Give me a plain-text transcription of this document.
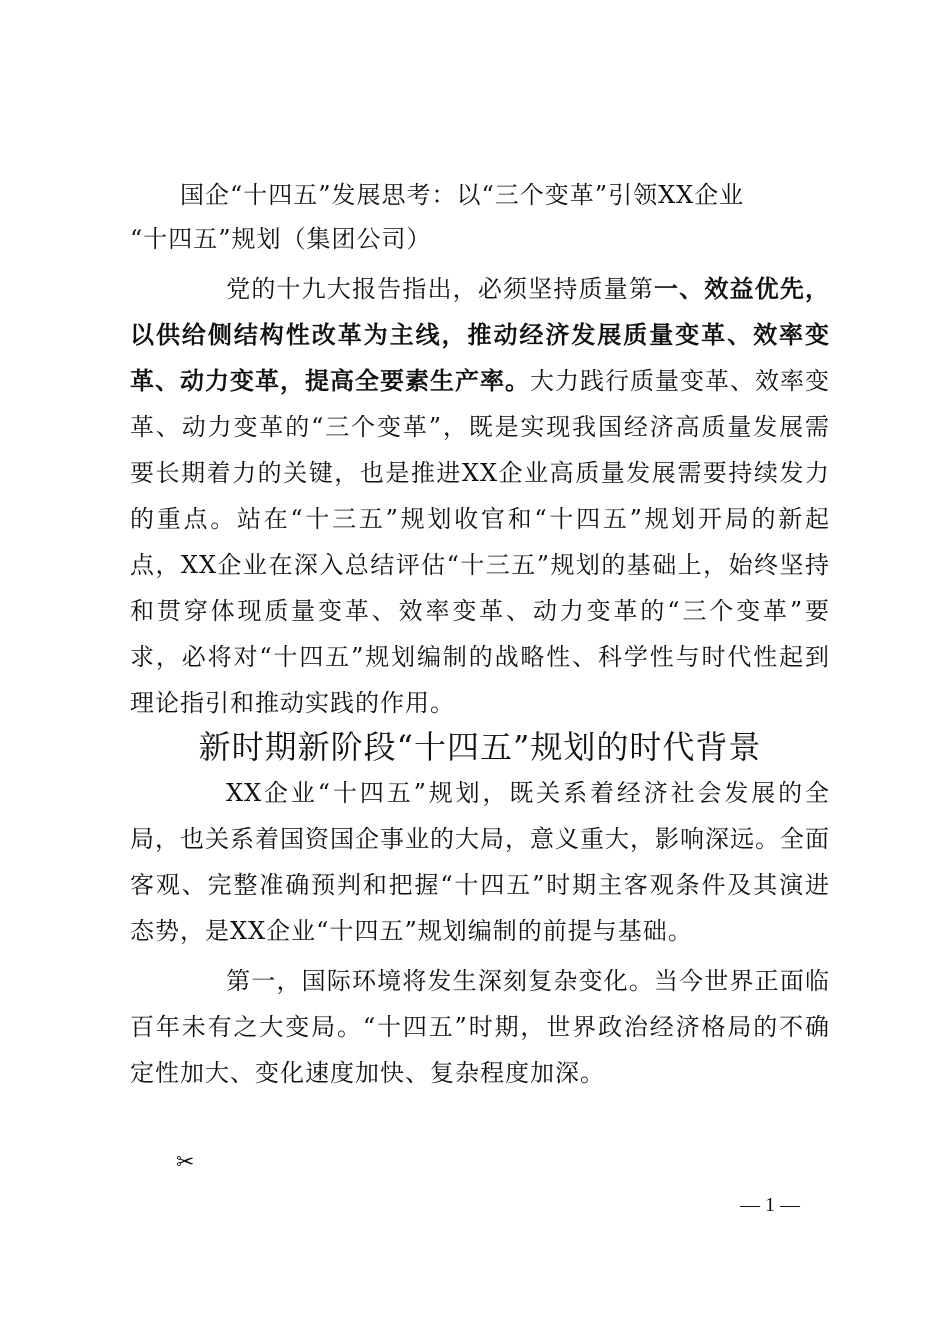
国企“十四五”发展思考：以“三个变革”引领XX企业
“十四五”规划（集团公司）

党的十九大报告指出，必须坚持质量第一、效益优先，以供给侧结构性改革为主线，推动经济发展质量变革、效率变革、动力变革，提高全要素生产率。大力践行质量变革、效率变革、动力变革的“三个变革”，既是实现我国经济高质量发展需要长期着力的关键，也是推进XX企业高质量发展需要持续发力的重点。站在“十三五”规划收官和“十四五”规划开局的新起点，XX企业在深入总结评估“十三五”规划的基础上，始终坚持和贯穿体现质量变革、效率变革、动力变革的“三个变革”要求，必将对“十四五”规划编制的战略性、科学性与时代性起到理论指引和推动实践的作用。

新时期新阶段“十四五”规划的时代背景

XX企业“十四五”规划，既关系着经济社会发展的全局，也关系着国资国企事业的大局，意义重大，影响深远。全面客观、完整准确预判和把握“十四五”时期主客观条件及其演进态势，是XX企业“十四五”规划编制的前提与基础。

第一，国际环境将发生深刻复杂变化。当今世界正面临百年未有之大变局。“十四五”时期，世界政治经济格局的不确定性加大、变化速度加快、复杂程度加深。

✂
— 1 —
